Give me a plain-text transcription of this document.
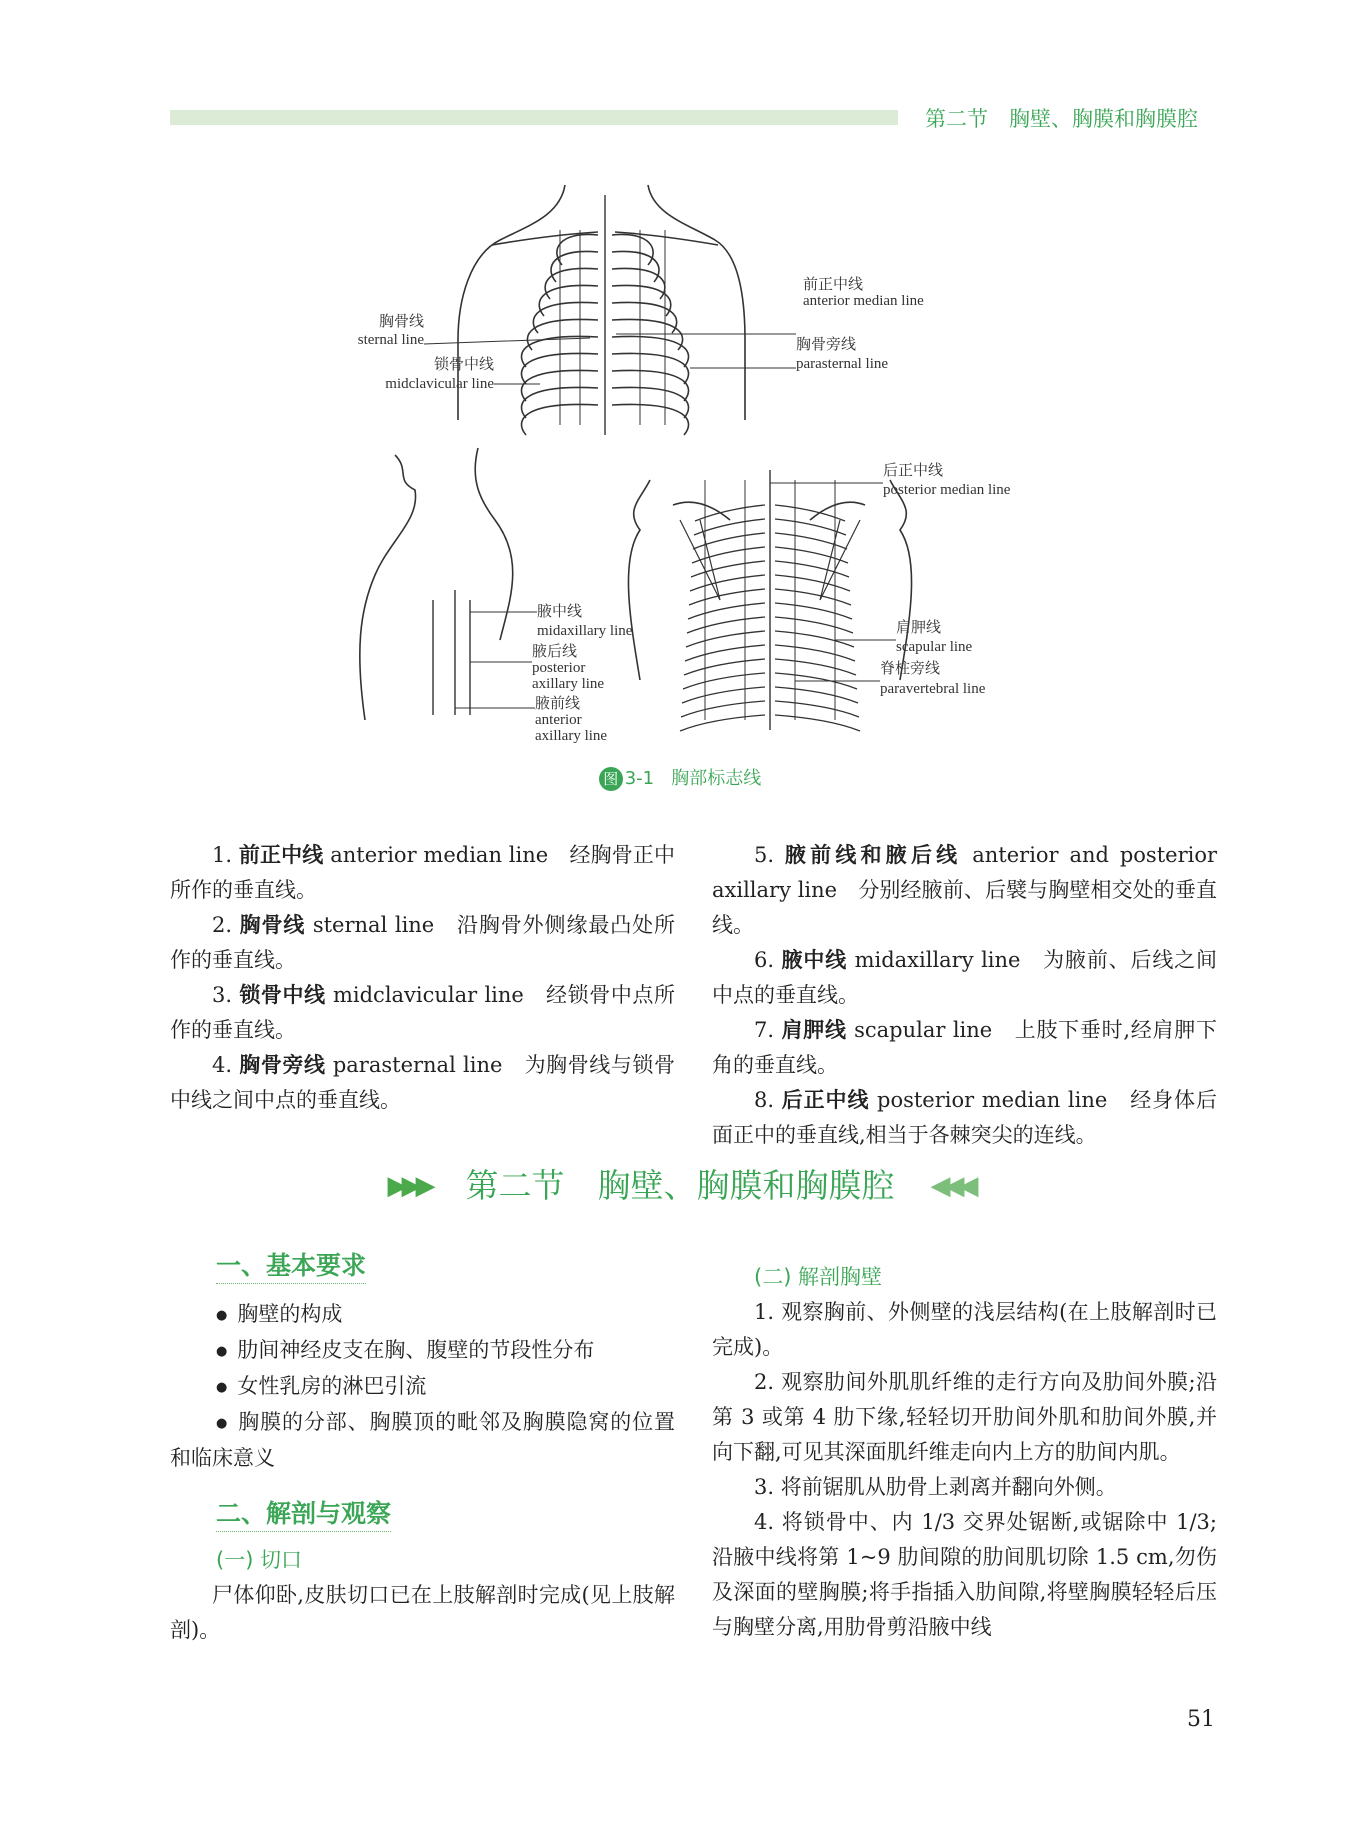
第二节　胸壁、胸膜和胸膜腔
前正中线
anterior median line
胸骨线
sternal line
锁骨中线
midclavicular line
胸骨旁线
parasternal line
后正中线
posterior median line
腋中线
midaxillary line
腋后线
posterior
axillary line
腋前线
anterior
axillary line
肩胛线
scapular line
脊柱旁线
paravertebral line
图 3-1 胸部标志线

1. 前正中线 anterior median line　 经胸骨正中所作的垂直线。

2. 胸骨线 sternal line　 沿胸骨外侧缘最凸处所作的垂直线。

3. 锁骨中线 midclavicular line　 经锁骨中点所作的垂直线。

4. 胸骨旁线 parasternal line　 为胸骨线与锁骨中线之间中点的垂直线。

5. 腋前线和腋后线 anterior and posterior axillary line　 分别经腋前、后襞与胸壁相交处的垂直线。

6. 腋中线 midaxillary line　 为腋前、后线之间中点的垂直线。

7. 肩胛线 scapular line　 上肢下垂时,经肩胛下角的垂直线。

8. 后正中线 posterior median line　 经身体后面正中的垂直线,相当于各棘突尖的连线。

▶▶▶ 第二节　胸壁、胸膜和胸膜腔 ◀◀◀
一、基本要求
● 胸壁的构成
● 肋间神经皮支在胸、腹壁的节段性分布
● 女性乳房的淋巴引流
● 胸膜的分部、胸膜顶的毗邻及胸膜隐窝的位置和临床意义
二、解剖与观察
(一) 切口

尸体仰卧,皮肤切口已在上肢解剖时完成(见上肢解剖)。

(二) 解剖胸壁

1. 观察胸前、外侧壁的浅层结构(在上肢解剖时已完成)。

2. 观察肋间外肌肌纤维的走行方向及肋间外膜;沿第 3 或第 4 肋下缘,轻轻切开肋间外肌和肋间外膜,并向下翻,可见其深面肌纤维走向内上方的肋间内肌。

3. 将前锯肌从肋骨上剥离并翻向外侧。

4. 将锁骨中、内 1/3 交界处锯断,或锯除中 1/3;沿腋中线将第 1~9 肋间隙的肋间肌切除 1.5 cm,勿伤及深面的壁胸膜;将手指插入肋间隙,将壁胸膜轻轻后压与胸壁分离,用肋骨剪沿腋中线

51
